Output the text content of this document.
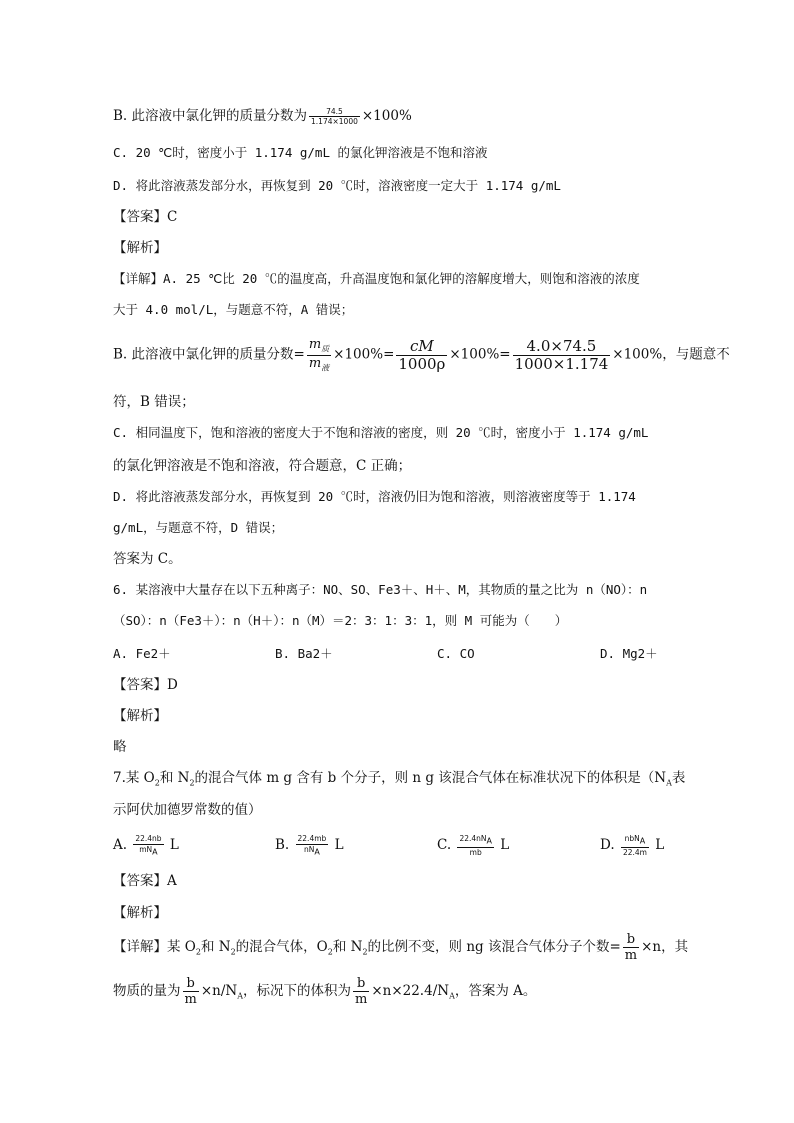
B. 此溶液中氯化钾的质量分数为 $\frac{74.5}{1.174\times 1000} \times 100\%$
C. 20 ℃时，密度小于 1.174 g/mL 的氯化钾溶液是不饱和溶液
D. 将此溶液蒸发部分水，再恢复到 20 ℃时，溶液密度一定大于 1.174 g/mL
【答案】C
【解析】
【详解】A. 25 ℃比 20 ℃的温度高，升高温度饱和氯化钾的溶解度增大，则饱和溶液的浓度
大于 4.0 mol/L，与题意不符，A 错误；
B. 此溶液中氯化钾的质量分数= $\frac{m_质}{m_液} \times 100\%= \frac{cM}{1000\rho} \times 100\%= \frac{4.0\times 74.5}{1000\times 1.174} \times 100\%$，与题意不
符，B 错误；
C. 相同温度下，饱和溶液的密度大于不饱和溶液的密度，则 20 ℃时，密度小于 1.174 g/mL
的氯化钾溶液是不饱和溶液，符合题意，C 正确；
D. 将此溶液蒸发部分水，再恢复到 20 ℃时，溶液仍旧为饱和溶液，则溶液密度等于 1.174
g/mL，与题意不符，D 错误；
答案为 C。
6. 某溶液中大量存在以下五种离子：NO、SO、Fe3＋、H＋、M，其物质的量之比为 n（NO）：n
（SO）：n（Fe3＋）：n（H＋）：n（M）＝2：3：1：3：1，则 M 可能为（　　）
A. Fe2＋	B. Ba2＋	C. CO	D. Mg2＋
【答案】D
【解析】
略
7.某 $O_2$和 $N_2$的混合气体 m g 含有 b 个分子，则 n g 该混合气体在标准状况下的体积是（$N_A$表
示阿伏加德罗常数的值）
A. $\frac{22.4nb}{mN_A}$ L	B. $\frac{22.4mb}{nN_A}$ L	C. $\frac{22.4nN_A}{mb}$ L	D. $\frac{nbN_A}{22.4m}$ L
【答案】A
【解析】
【详解】某 $O_2$和 $N_2$的混合气体，$O_2$和 $N_2$的比例不变，则 ng 该混合气体分子个数= $\frac{b}{m} \times n$，其
物质的量为 $\frac{b}{m} \times n/N_A$，标况下的体积为 $\frac{b}{m} \times n\times 22.4/N_A$，答案为 A。
